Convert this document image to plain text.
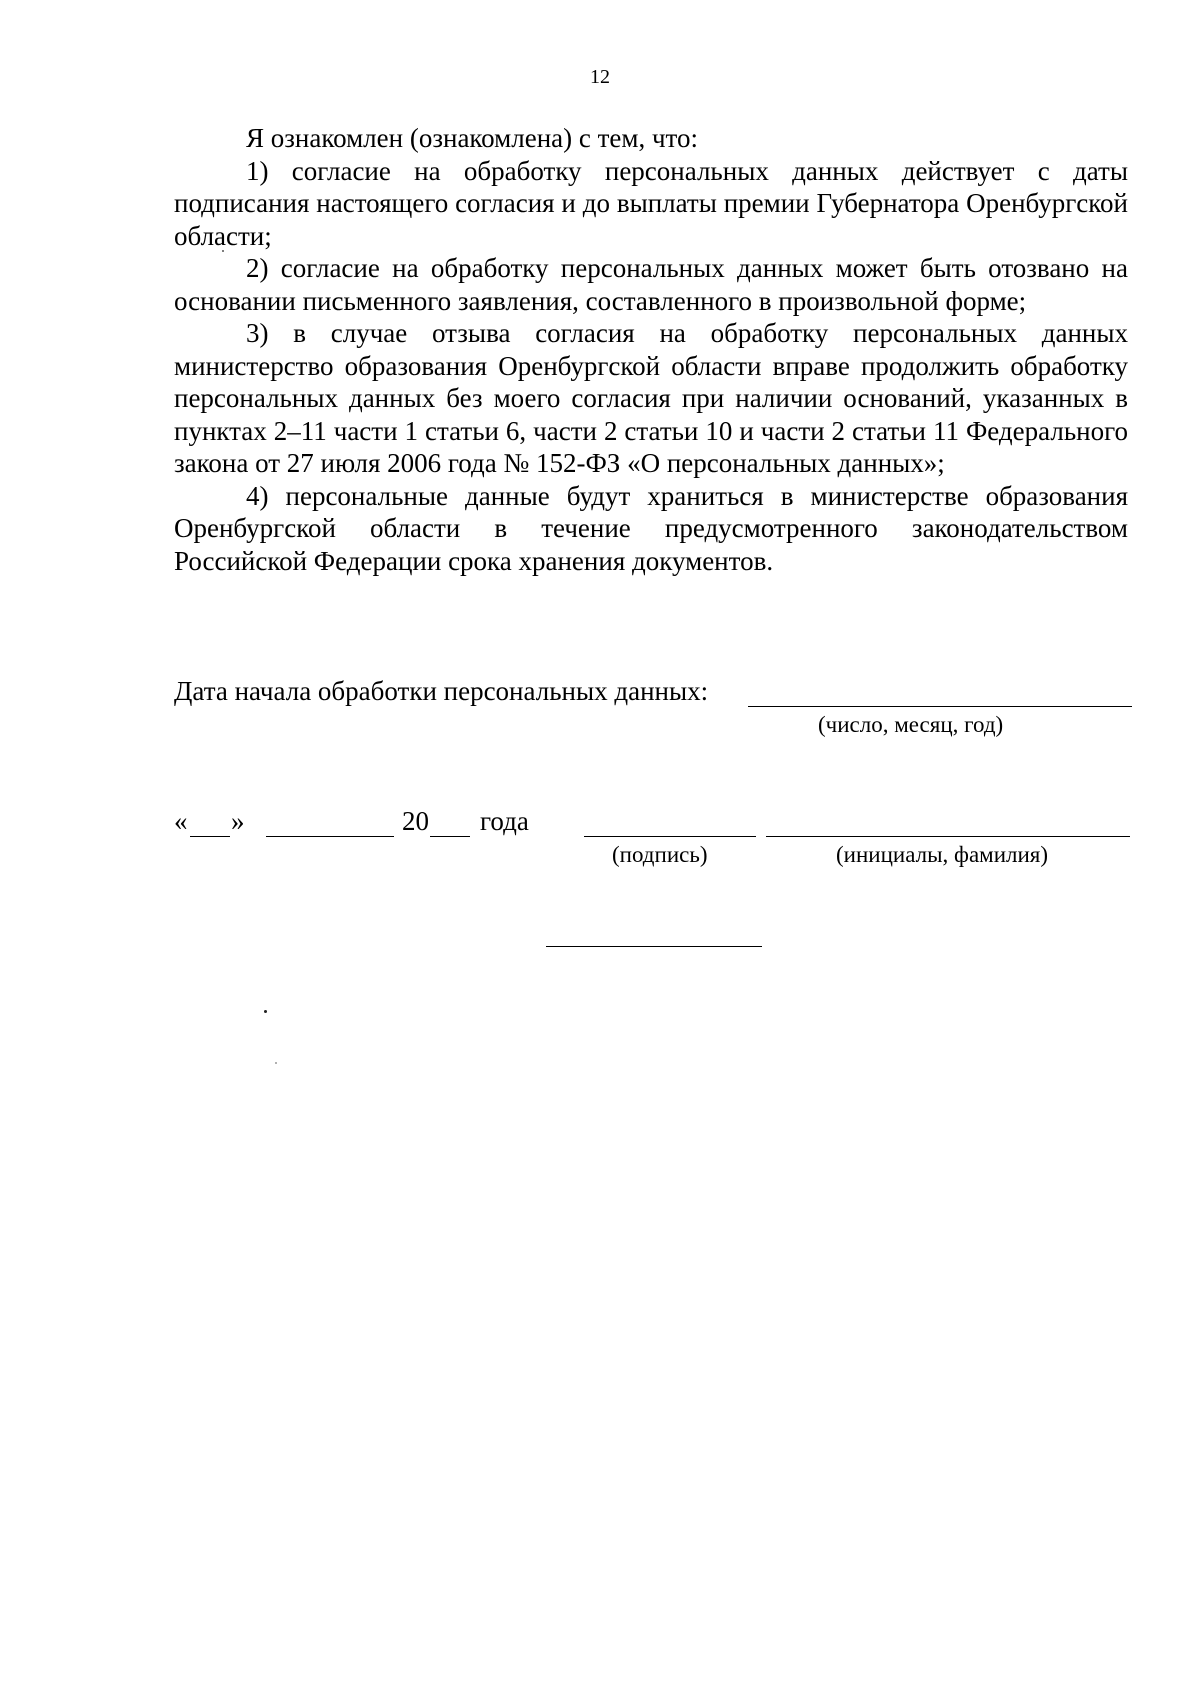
12

Я ознакомлен (ознакомлена) с тем, что:

1) согласие на обработку персональных данных действует с даты подписания настоящего согласия и до выплаты премии Губернатора Оренбургской области;

2) согласие на обработку персональных данных может быть отозвано на основании письменного заявления, составленного в произвольной форме;

3) в случае отзыва согласия на обработку персональных данных министерство образования Оренбургской области вправе продолжить обработку персональных данных без моего согласия при наличии оснований, указанных в пунктах 2–11 части 1 статьи 6, части 2 статьи 10 и части 2 статьи 11 Федерального закона от 27 июля 2006 года № 152-ФЗ «О персональных данных»;

4) персональные данные будут храниться в министерстве образования Оренбургской области в течение предусмотренного законодательством Российской Федерации срока хранения документов.

Дата начала обработки персональных данных:
(число, месяц, год)
« »	20 года
(подпись)	(инициалы, фамилия)
